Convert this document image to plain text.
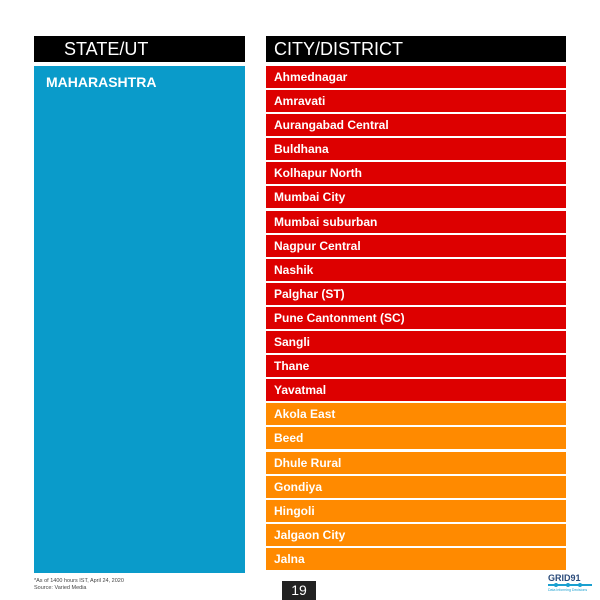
STATE/UT	CITY/DISTRICT
MAHARASHTRA	Ahmednagar
Amravati
Aurangabad Central
Buldhana
Kolhapur North
Mumbai City
Mumbai suburban
Nagpur Central
Nashik
Palghar (ST)
Pune Cantonment (SC)
Sangli
Thane
Yavatmal
Akola East
Beed
Dhule Rural
Gondiya
Hingoli
Jalgaon City
Jalna
*As of 1400 hours IST, April 24, 2020
Source: Varied Media	19
GRID91
Data Informing Decisions
